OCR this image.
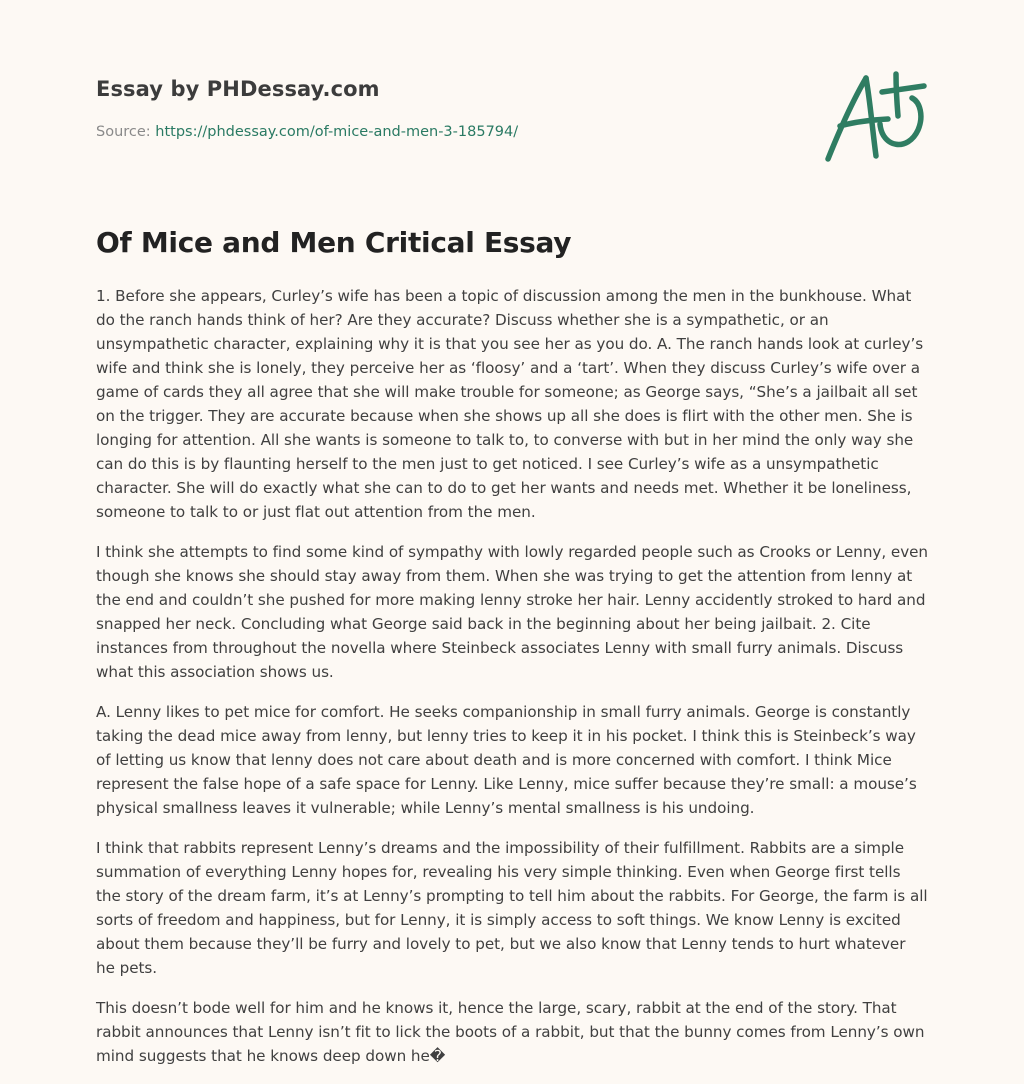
Essay by PHDessay.com
Source: https://phdessay.com/of-mice-and-men-3-185794/
Of Mice and Men Critical Essay

1. Before she appears, Curley’s wife has been a topic of discussion among the men in the bunkhouse. What do the ranch hands think of her? Are they accurate? Discuss whether she is a sympathetic, or an unsympathetic character, explaining why it is that you see her as you do. A. The ranch hands look at curley’s wife and think she is lonely, they perceive her as ‘floosy’ and a ‘tart’. When they discuss Curley’s wife over a game of cards they all agree that she will make trouble for someone; as George says, “She’s a jailbait all set on the trigger. They are accurate because when she shows up all she does is flirt with the other men. She is longing for attention. All she wants is someone to talk to, to converse with but in her mind the only way she can do this is by flaunting herself to the men just to get noticed. I see Curley’s wife as a unsympathetic character. She will do exactly what she can to do to get her wants and needs met. Whether it be loneliness, someone to talk to or just flat out attention from the men.

I think she attempts to find some kind of sympathy with lowly regarded people such as Crooks or Lenny, even though she knows she should stay away from them. When she was trying to get the attention from lenny at the end and couldn’t she pushed for more making lenny stroke her hair. Lenny accidently stroked to hard and snapped her neck. Concluding what George said back in the beginning about her being jailbait. 2. Cite instances from throughout the novella where Steinbeck associates Lenny with small furry animals. Discuss what this association shows us.

A. Lenny likes to pet mice for comfort. He seeks companionship in small furry animals. George is constantly taking the dead mice away from lenny, but lenny tries to keep it in his pocket. I think this is Steinbeck’s way of letting us know that lenny does not care about death and is more concerned with comfort. I think Mice represent the false hope of a safe space for Lenny. Like Lenny, mice suffer because they’re small: a mouse’s physical smallness leaves it vulnerable; while Lenny’s mental smallness is his undoing.

I think that rabbits represent Lenny’s dreams and the impossibility of their fulfillment. Rabbits are a simple summation of everything Lenny hopes for, revealing his very simple thinking. Even when George first tells the story of the dream farm, it’s at Lenny’s prompting to tell him about the rabbits. For George, the farm is all sorts of freedom and happiness, but for Lenny, it is simply access to soft things. We know Lenny is excited about them because they’ll be furry and lovely to pet, but we also know that Lenny tends to hurt whatever he pets.

This doesn’t bode well for him and he knows it, hence the large, scary, rabbit at the end of the story. That rabbit announces that Lenny isn’t fit to lick the boots of a rabbit, but that the bunny comes from Lenny’s own mind suggests that he knows deep down he�
